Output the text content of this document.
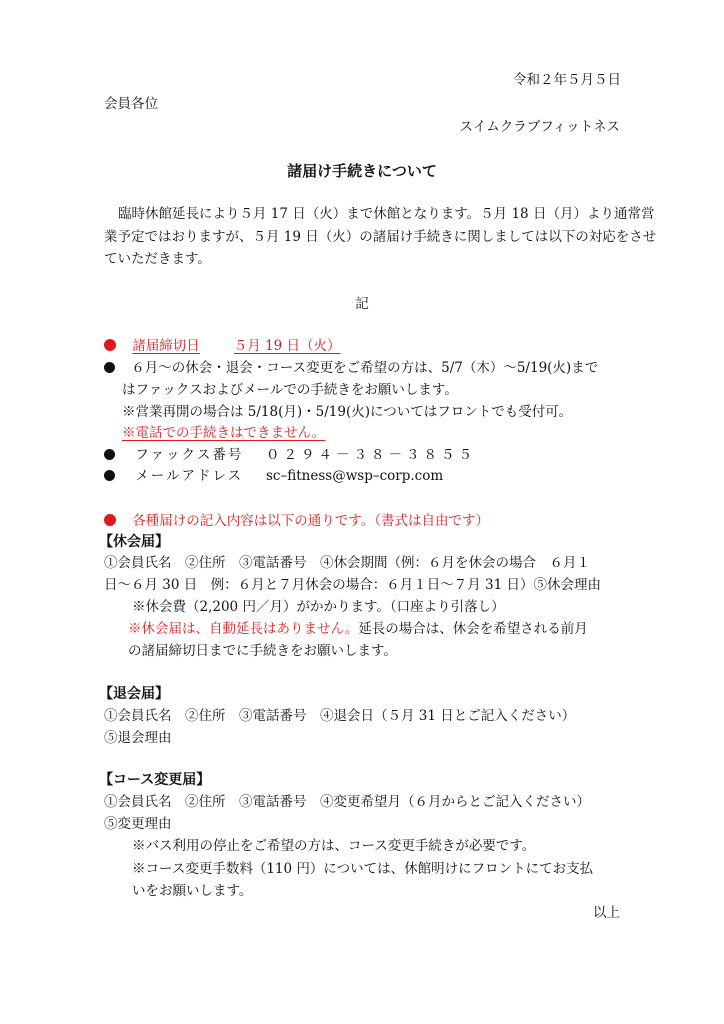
令和２年５月５日
会員各位
スイムクラブフィットネス
諸届け手続きについて
臨時休館延長により５月 17 日（火）まで休館となります。５月 18 日（月）より通常営
業予定ではおりますが、５月 19 日（火）の諸届け手続きに関しましては以下の対応をさせ
ていただきます。
記
諸届締切日	５月 19 日（火）
６月～の休会・退会・コース変更をご希望の方は、5/7（木）～5/19(火)まで
はファックスおよびメールでの手続きをお願いします。
※営業再開の場合は 5/18(月)・5/19(火)についてはフロントでも受付可。
※電話での手続きはできません。
ファックス番号 ０２９４－３８－３８５５
メールアドレス sc–fitness@wsp–corp.com
各種届けの記入内容は以下の通りです。（書式は自由です）
【休会届】
①会員氏名　②住所　③電話番号　④休会期間（例：６月を休会の場合　６月１
日～６月 30 日　例：６月と７月休会の場合：６月１日～７月 31 日）⑤休会理由
※休会費（2,200 円／月）がかかります。（口座より引落し）
※休会届は、自動延長はありません。延長の場合は、休会を希望される前月
の諸届締切日までに手続きをお願いします。
【退会届】
①会員氏名　②住所　③電話番号　④退会日（５月 31 日とご記入ください）
⑤退会理由
【コース変更届】
①会員氏名　②住所　③電話番号　④変更希望月（６月からとご記入ください）
⑤変更理由
※バス利用の停止をご希望の方は、コース変更手続きが必要です。
※コース変更手数料（110 円）については、休館明けにフロントにてお支払
いをお願いします。
以上
